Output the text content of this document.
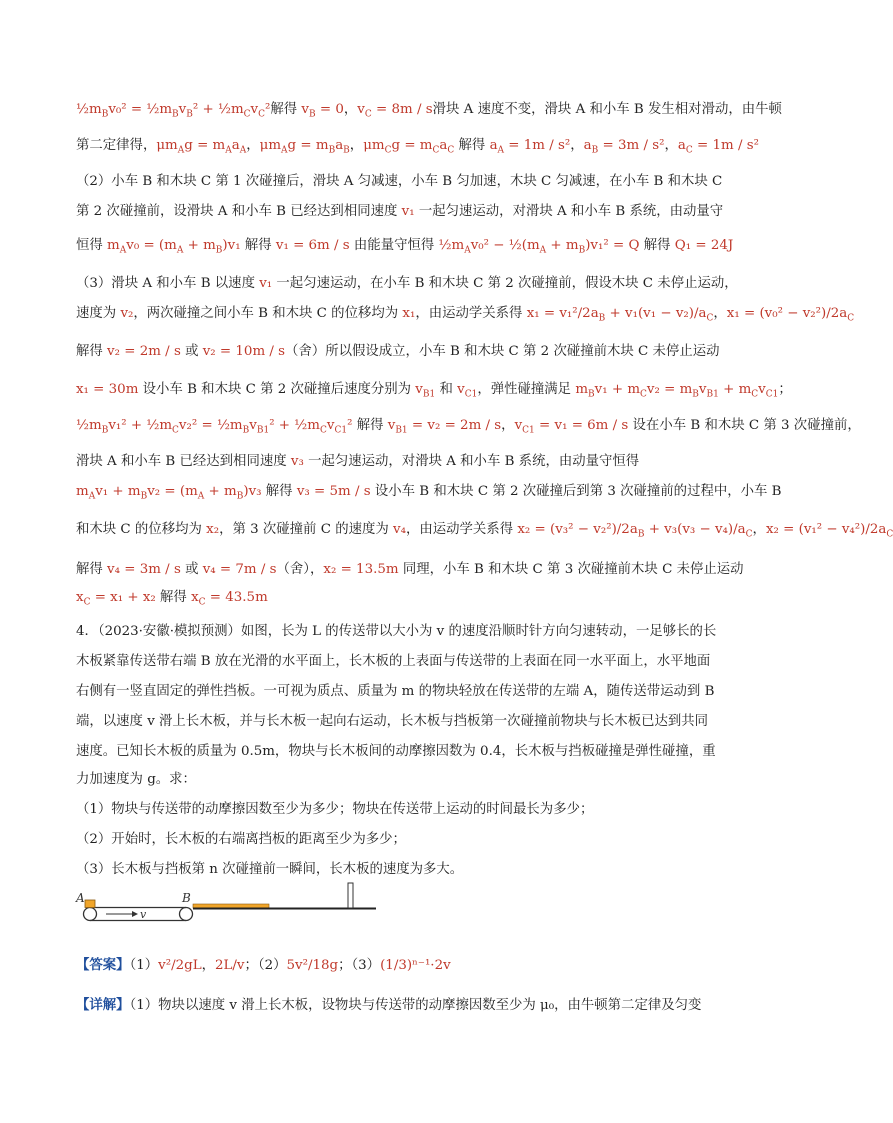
$\frac{1}{2}m_Bv_0^2$ = $\frac{1}{2}m_Bv_B^2$ + $\frac{1}{2}m_Cv_C^2$解得 $v_B = 0$，$v_C = 8m / s$滑块 A 速度不变，滑块 A 和小车 B 发生相对滑动，由牛顿
第二定律得，$\mu m_Ag = m_Aa_A$，$\mu m_Ag = m_Ba_B$，$\mu m_Cg = m_Ca_C$ 解得 $a_A = 1m / s^2$，$a_B = 3m / s^2$，$a_C = 1m / s^2$
（2）小车 B 和木块 C 第 1 次碰撞后，滑块 A 匀减速，小车 B 匀加速，木块 C 匀减速，在小车 B 和木块 C
第 2 次碰撞前，设滑块 A 和小车 B 已经达到相同速度 v₁ 一起匀速运动，对滑块 A 和小车 B 系统，由动量守
恒得 $m_Av_0 = (m_A + m_B)v_1$ 解得 v₁ = 6m / s 由能量守恒得 $\frac{1}{2}m_Av_0^2$ − $\frac{1}{2}(m_A + m_B)v_1^2 = Q$ 解得 Q₁ = 24J
（3）滑块 A 和小车 B 以速度 v₁ 一起匀速运动，在小车 B 和木块 C 第 2 次碰撞前，假设木块 C 未停止运动，
速度为 v₂，两次碰撞之间小车 B 和木块 C 的位移均为 x₁，由运动学关系得 x₁ = v₁²/$2a_B + v_1(v_1 - v_2)/a_C$，$x_1 = (v_0^2 - v_2^2)/2a_C$
解得 v₂ = 2m / s 或 v₂ = 10m / s（舍）所以假设成立，小车 B 和木块 C 第 2 次碰撞前木块 C 未停止运动
x₁ = 30m 设小车 B 和木块 C 第 2 次碰撞后速度分别为 $v_{B1}$ 和 $v_{C1}$，弹性碰撞满足 $m_Bv_1 + m_Cv_2 = m_Bv_{B1} + m_Cv_{C1}$；
$\frac{1}{2}m_Bv_1^2$ + $\frac{1}{2}m_Cv_2^2$ = $\frac{1}{2}m_Bv_{B1}^2$ + $\frac{1}{2}m_Cv_{C1}^2$ 解得 $v_{B1} = v_2 = 2m / s$，$v_{C1} = v_1 = 6m / s$ 设在小车 B 和木块 C 第 3 次碰撞前，
滑块 A 和小车 B 已经达到相同速度 v₃ 一起匀速运动，对滑块 A 和小车 B 系统，由动量守恒得
$m_Av_1 + m_Bv_2 = (m_A + m_B)v_3$ 解得 v₃ = 5m / s 设小车 B 和木块 C 第 2 次碰撞后到第 3 次碰撞前的过程中，小车 B
和木块 C 的位移均为 x₂，第 3 次碰撞前 C 的速度为 v₄，由运动学关系得 $x_2 = (v_3^2 - v_2^2)/2a_B + v_3(v_3 - v_4)/a_C$，$x_2 = (v_1^2 - v_4^2)/2a_C$
解得 v₄ = 3m / s 或 v₄ = 7m / s（舍），x₂ = 13.5m 同理，小车 B 和木块 C 第 3 次碰撞前木块 C 未停止运动
$x_C = x_1 + x_2$ 解得 $x_C = 43.5m$
4．（2023·安徽·模拟预测）如图，长为 L 的传送带以大小为 v 的速度沿顺时针方向匀速转动，一足够长的长
木板紧靠传送带右端 B 放在光滑的水平面上，长木板的上表面与传送带的上表面在同一水平面上，水平地面
右侧有一竖直固定的弹性挡板。一可视为质点、质量为 m 的物块轻放在传送带的左端 A，随传送带运动到 B
端，以速度 v 滑上长木板，并与长木板一起向右运动，长木板与挡板第一次碰撞前物块与长木板已达到共同
速度。已知长木板的质量为 0.5m，物块与长木板间的动摩擦因数为 0.4，长木板与挡板碰撞是弹性碰撞，重
力加速度为 g。求：
（1）物块与传送带的动摩擦因数至少为多少；物块在传送带上运动的时间最长为多少；
（2）开始时，长木板的右端离挡板的距离至少为多少；
（3）长木板与挡板第 n 次碰撞前一瞬间，长木板的速度为多大。
【答案】（1）v²/2gL，2L/v；（2）5v²/18g；（3）(1/3)ⁿ⁻¹·2v
【详解】（1）物块以速度 v 滑上长木板，设物块与传送带的动摩擦因数至少为 μ₀，由牛顿第二定律及匀变
v
A	B
